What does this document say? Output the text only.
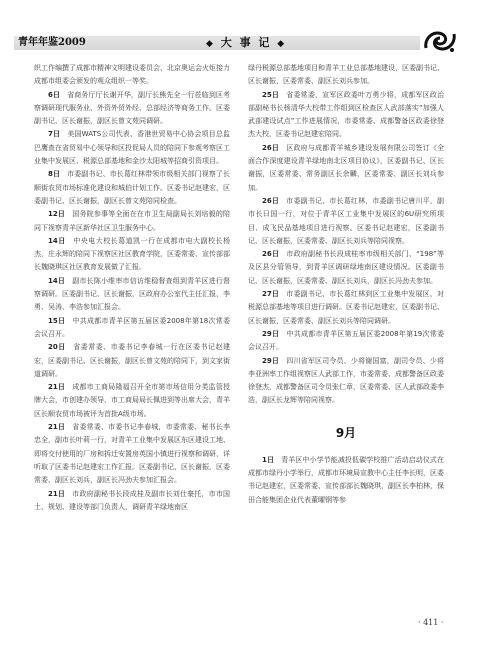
青年年鉴2009	◆ 大 事 记 ◆

织工作编撰了成都市精神文明建设委员会、北京奥运会火炬接力成都市组委会颁发的观众组织一等奖。

6日　 省商务厅厅长谢开华，副厅长熊先全一行莅临到区考察调研现代服务业、外资外贸外经、总部经济等商务工作。区委副书记、区长谢振，副区长曾文苑同调研。

7日　 美国WATS公司代表、香港世贸易中心协会项目总监巴鹰查在省贸易中心领导和区投促局人员的陪同下参观考察区工业集中发展区、税源总部基地和金沙太阳城等招商引资项目。

8日　 市委副书记、市长葛红林带领市级相关部门视察了长顺街农贸市场标准化建设和城伯计划工作。区委书记赵建宏，区委副书记、区长谢振，副区长曾文苑陪同检查。

12日　 国务院参事等全面在在市卫生局副局长刘培毅的陪同下视察青羊区新华社区卫生服务中心。

14日　 中央电大校长葛道凯一行在成都市电大副校长杨杰，庄永辉的陪同下视察区社区教育学院，区委常委、宣传部部长魏晓琪区社区教育发展做了汇报。

14日　 副市长陈小维率市信访维稳督查组到青羊区进行督察调研。区委副书记、区长谢振，区政府办公室代主任汇报，李勇、吴涛、李浩参加汇报会。

15日　 中共成都市青羊区第五届区委2008年第18次常委会议召开。

20日　 省委常委、市委书记李春城一行在区委书记赵建宏，区委副书记、区长谢振，副区长曾文苑的陪同下，到文家街道调研。

21日　 成都市工商局隆福召开全市第市场信用分类监管授牌大会，市创建办领导、市工商局局长佩进到等出席大会，青羊区长顺农贸市场被评为首批A级市场。

21日　 省委常委、市委书记李春城，市委常委、秘书长李忠全，副市长叶莉一行，对青羊工业集中发展区东区建设工地、即将交付使用的厂房和拆迁安置房英国小镇进行视察和调研，详听取了区委书记赵建宏工作汇报。区委副书记、区长谢振，区委常委、副区长刘兵，副区长冯劲夫参加汇报会。

21日　 市政府副秘书长段成桂及副市长刘仕豪托，市市国土、规划、建设等部门负责人，调研青羊绿地南区

绿丹税源总部基地项目和青羊工业总部基地建设，区委副书记、区长谢振，区委常委、副区长刘兵参加。

25日　 省委常委，宣军区政委叶万勇少将，成都军区政治部副秘书长杨清华大校带工作组到区检查区人武部落实“加强人武部建设试点”工作进展情况，市委常委、成都警备区政委徐登杰大校，区委书记赵建宏陪同。

26日　 区政府与成都青羊城乡建设发展有限公司签订《全面合作深度建设青羊绿地南北区项目协议》，区委副书记、区长谢振，区委常委、常务副区长余麟，区委常委、副区长刘兵参加。

26日　 市委副书记、市长葛红林，市委副书记唐川平，副市长曰国一行，对位于青羊区工业集中发展区的6U研究所项目、成飞民品基地项目进行视察。区委书记赵建宏，区委副书记、区长谢振，区委常委、副区长刘兵等陪同视察。

26日　 市政府副秘书长段成桂率市级相关部门、“198”等及区县分管领导，到青羊区调研绿地南区建设情况。区委副书记、区长谢振，区委常委、副区长刘兵，副区长冯劲夫参加。

27日　 市委副书记、市长葛红林到区工业集中发展区，对税源总部基地等项目进行调研。区委书记赵建宏，区委副书记、区长谢振，区委常委、副区长刘兵等陪同调研。

29日　 中共成都市青羊区第五届区委2008年第19次常委会议召开。

29日　 四川省军区司令员、少将谢国富，副司令员、少将李亚洲率工作组视察区人武部工作，市委常委、成都警备区政委徐登杰，成都警备区司令员张仁章，区委常委、区人武部政委李浩，副区长龙辉等陪同视察。

9月

1日　 青羊区中小学节能减投低碳学校推广活动启动仪式在成都市绿丹小学举行，成都市环境局宣教中心主任李长明，区委书记赵建宏，区委常委、宣传部部长魏晓琪，副区长李柏林，保田合能集团企业代表董曜钢等参

· 411 ·
